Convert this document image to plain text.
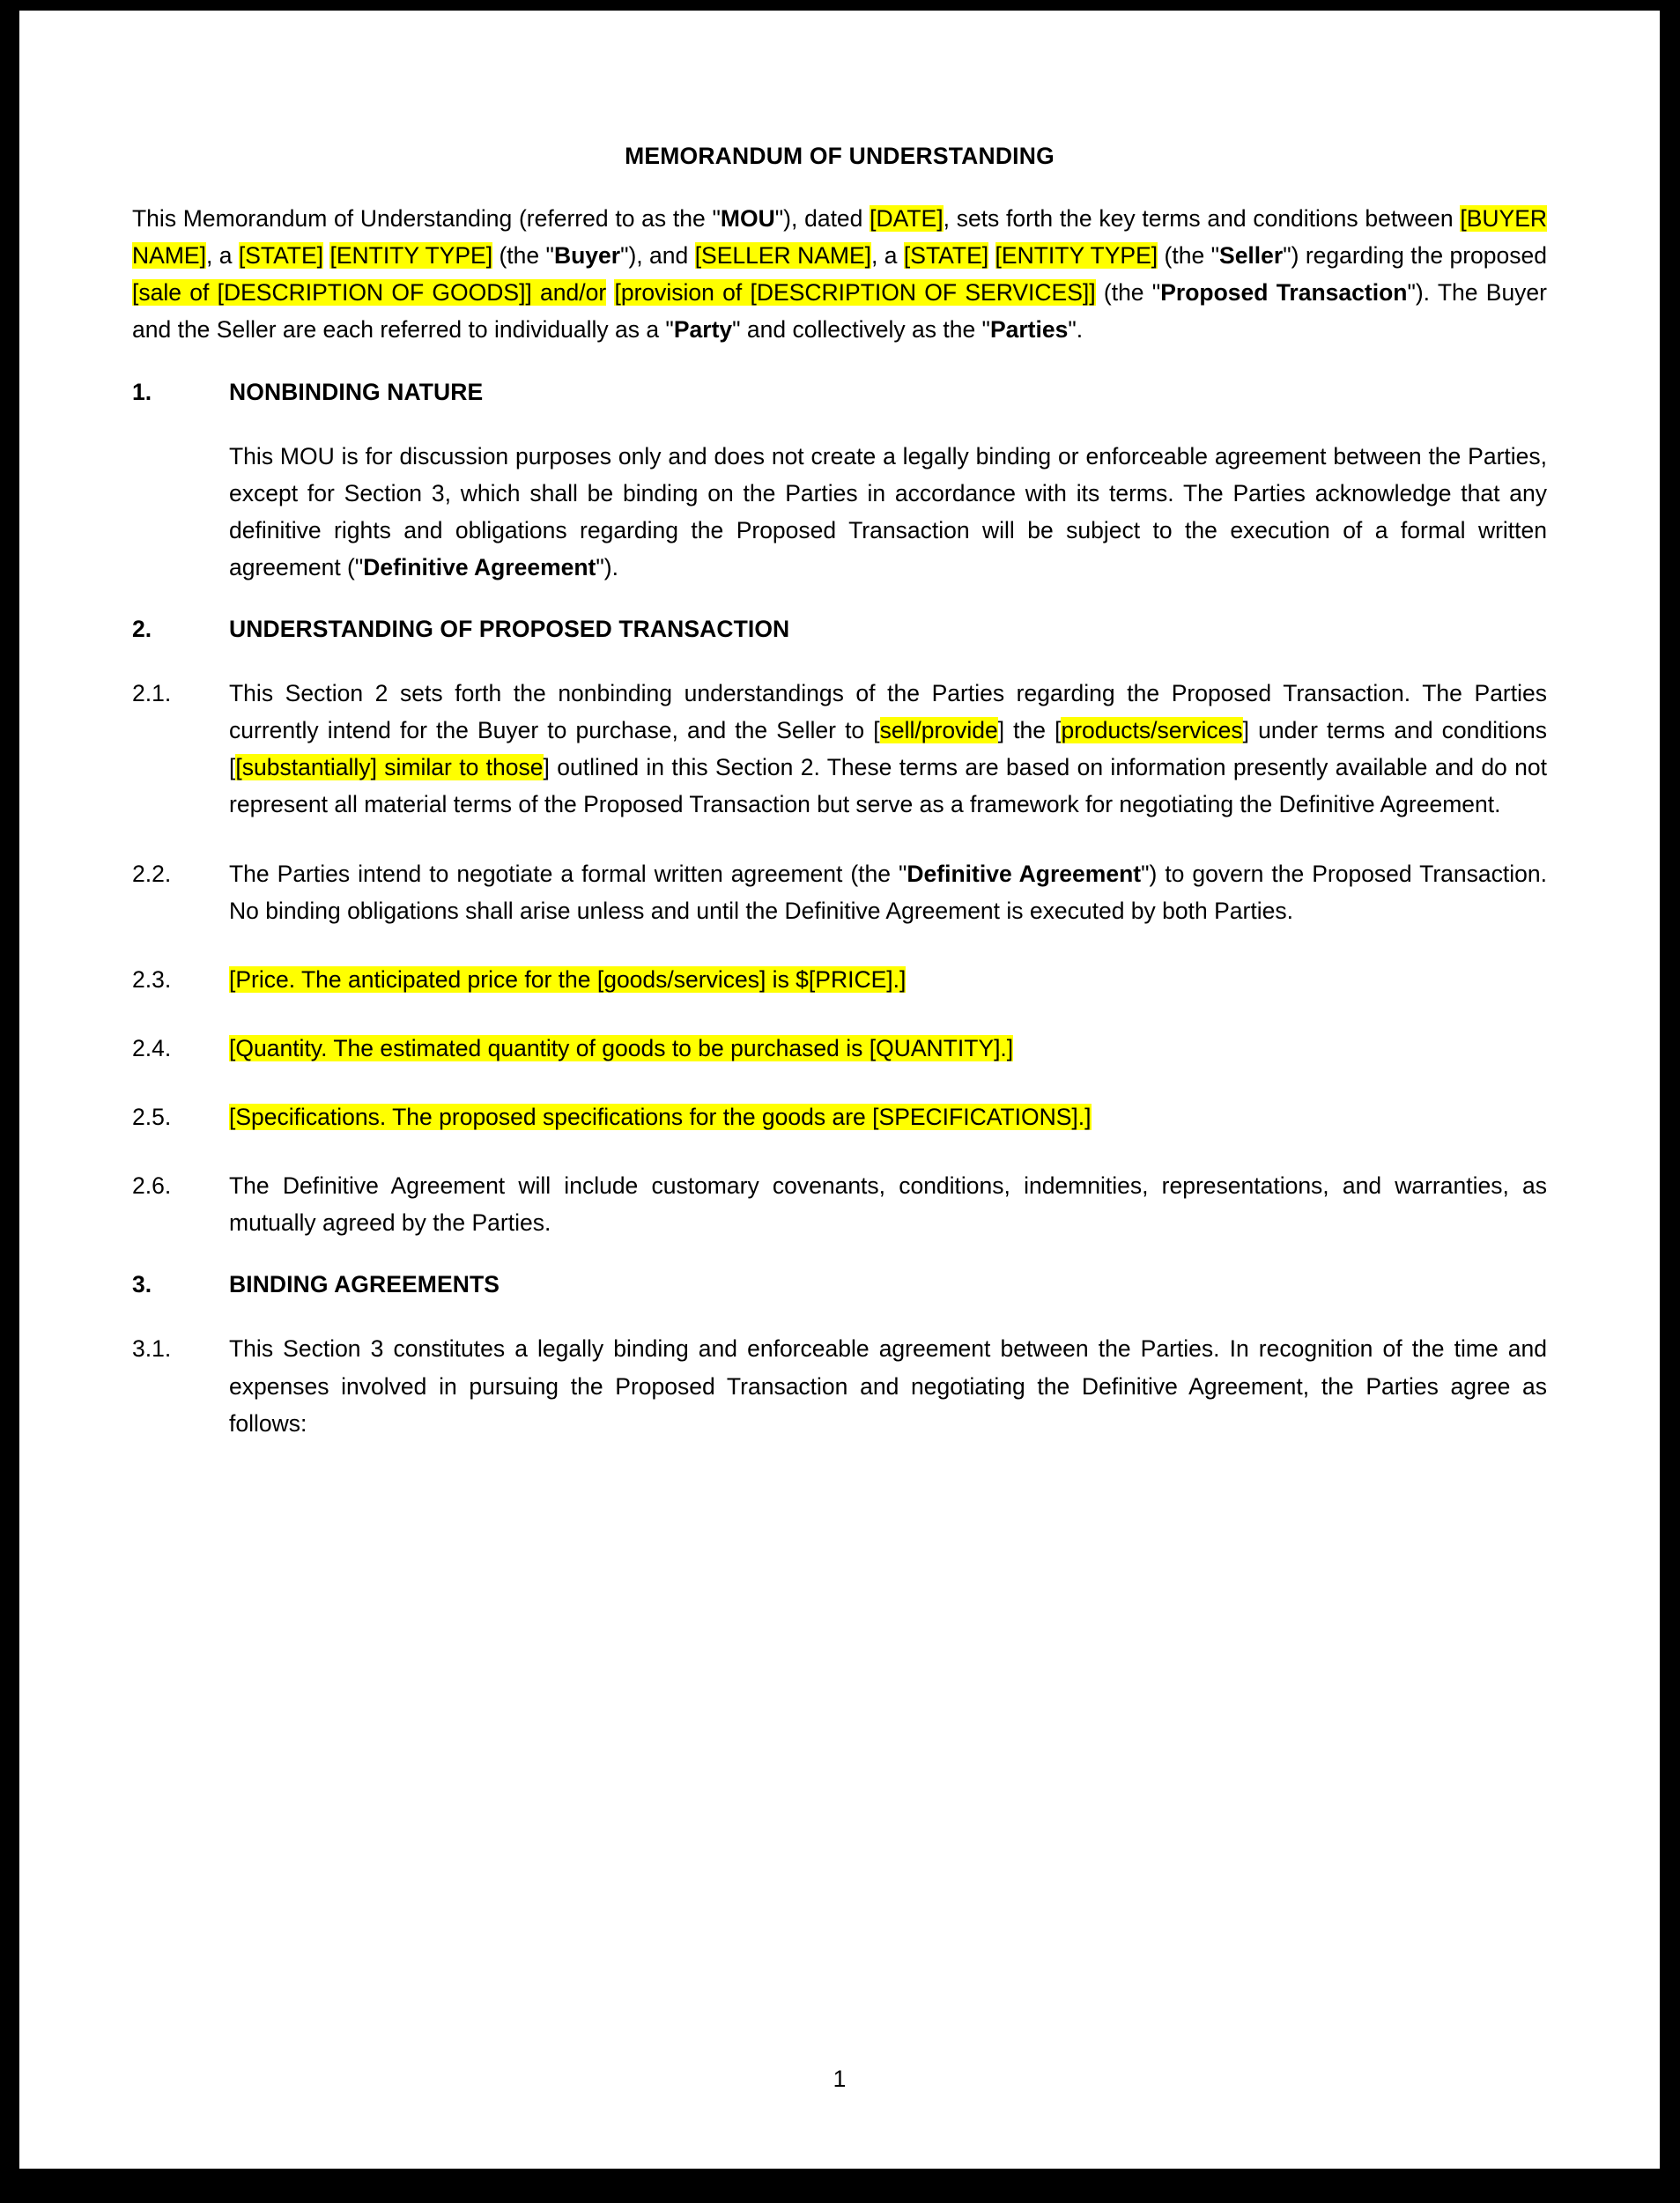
MEMORANDUM OF UNDERSTANDING

This Memorandum of Understanding (referred to as the "MOU"), dated [DATE], sets forth the key terms and conditions between [BUYER NAME], a [STATE] [ENTITY TYPE] (the "Buyer"), and [SELLER NAME], a [STATE] [ENTITY TYPE] (the "Seller") regarding the proposed [sale of [DESCRIPTION OF GOODS]] and/or [provision of [DESCRIPTION OF SERVICES]] (the "Proposed Transaction"). The Buyer and the Seller are each referred to individually as a "Party" and collectively as the "Parties".

1.	NONBINDING NATURE
This MOU is for discussion purposes only and does not create a legally binding or enforceable agreement between the Parties, except for Section 3, which shall be binding on the Parties in accordance with its terms. The Parties acknowledge that any definitive rights and obligations regarding the Proposed Transaction will be subject to the execution of a formal written agreement ("Definitive Agreement").
2.	UNDERSTANDING OF PROPOSED TRANSACTION
2.1.	This Section 2 sets forth the nonbinding understandings of the Parties regarding the Proposed Transaction. The Parties currently intend for the Buyer to purchase, and the Seller to [sell/provide] the [products/services] under terms and conditions [[substantially] similar to those] outlined in this Section 2. These terms are based on information presently available and do not represent all material terms of the Proposed Transaction but serve as a framework for negotiating the Definitive Agreement.
2.2.	The Parties intend to negotiate a formal written agreement (the "Definitive Agreement") to govern the Proposed Transaction. No binding obligations shall arise unless and until the Definitive Agreement is executed by both Parties.
2.3.	[Price. The anticipated price for the [goods/services] is $[PRICE].]
2.4.	[Quantity. The estimated quantity of goods to be purchased is [QUANTITY].]
2.5.	[Specifications. The proposed specifications for the goods are [SPECIFICATIONS].]
2.6.	The Definitive Agreement will include customary covenants, conditions, indemnities, representations, and warranties, as mutually agreed by the Parties.
3.	BINDING AGREEMENTS
3.1.	This Section 3 constitutes a legally binding and enforceable agreement between the Parties. In recognition of the time and expenses involved in pursuing the Proposed Transaction and negotiating the Definitive Agreement, the Parties agree as follows:
1
